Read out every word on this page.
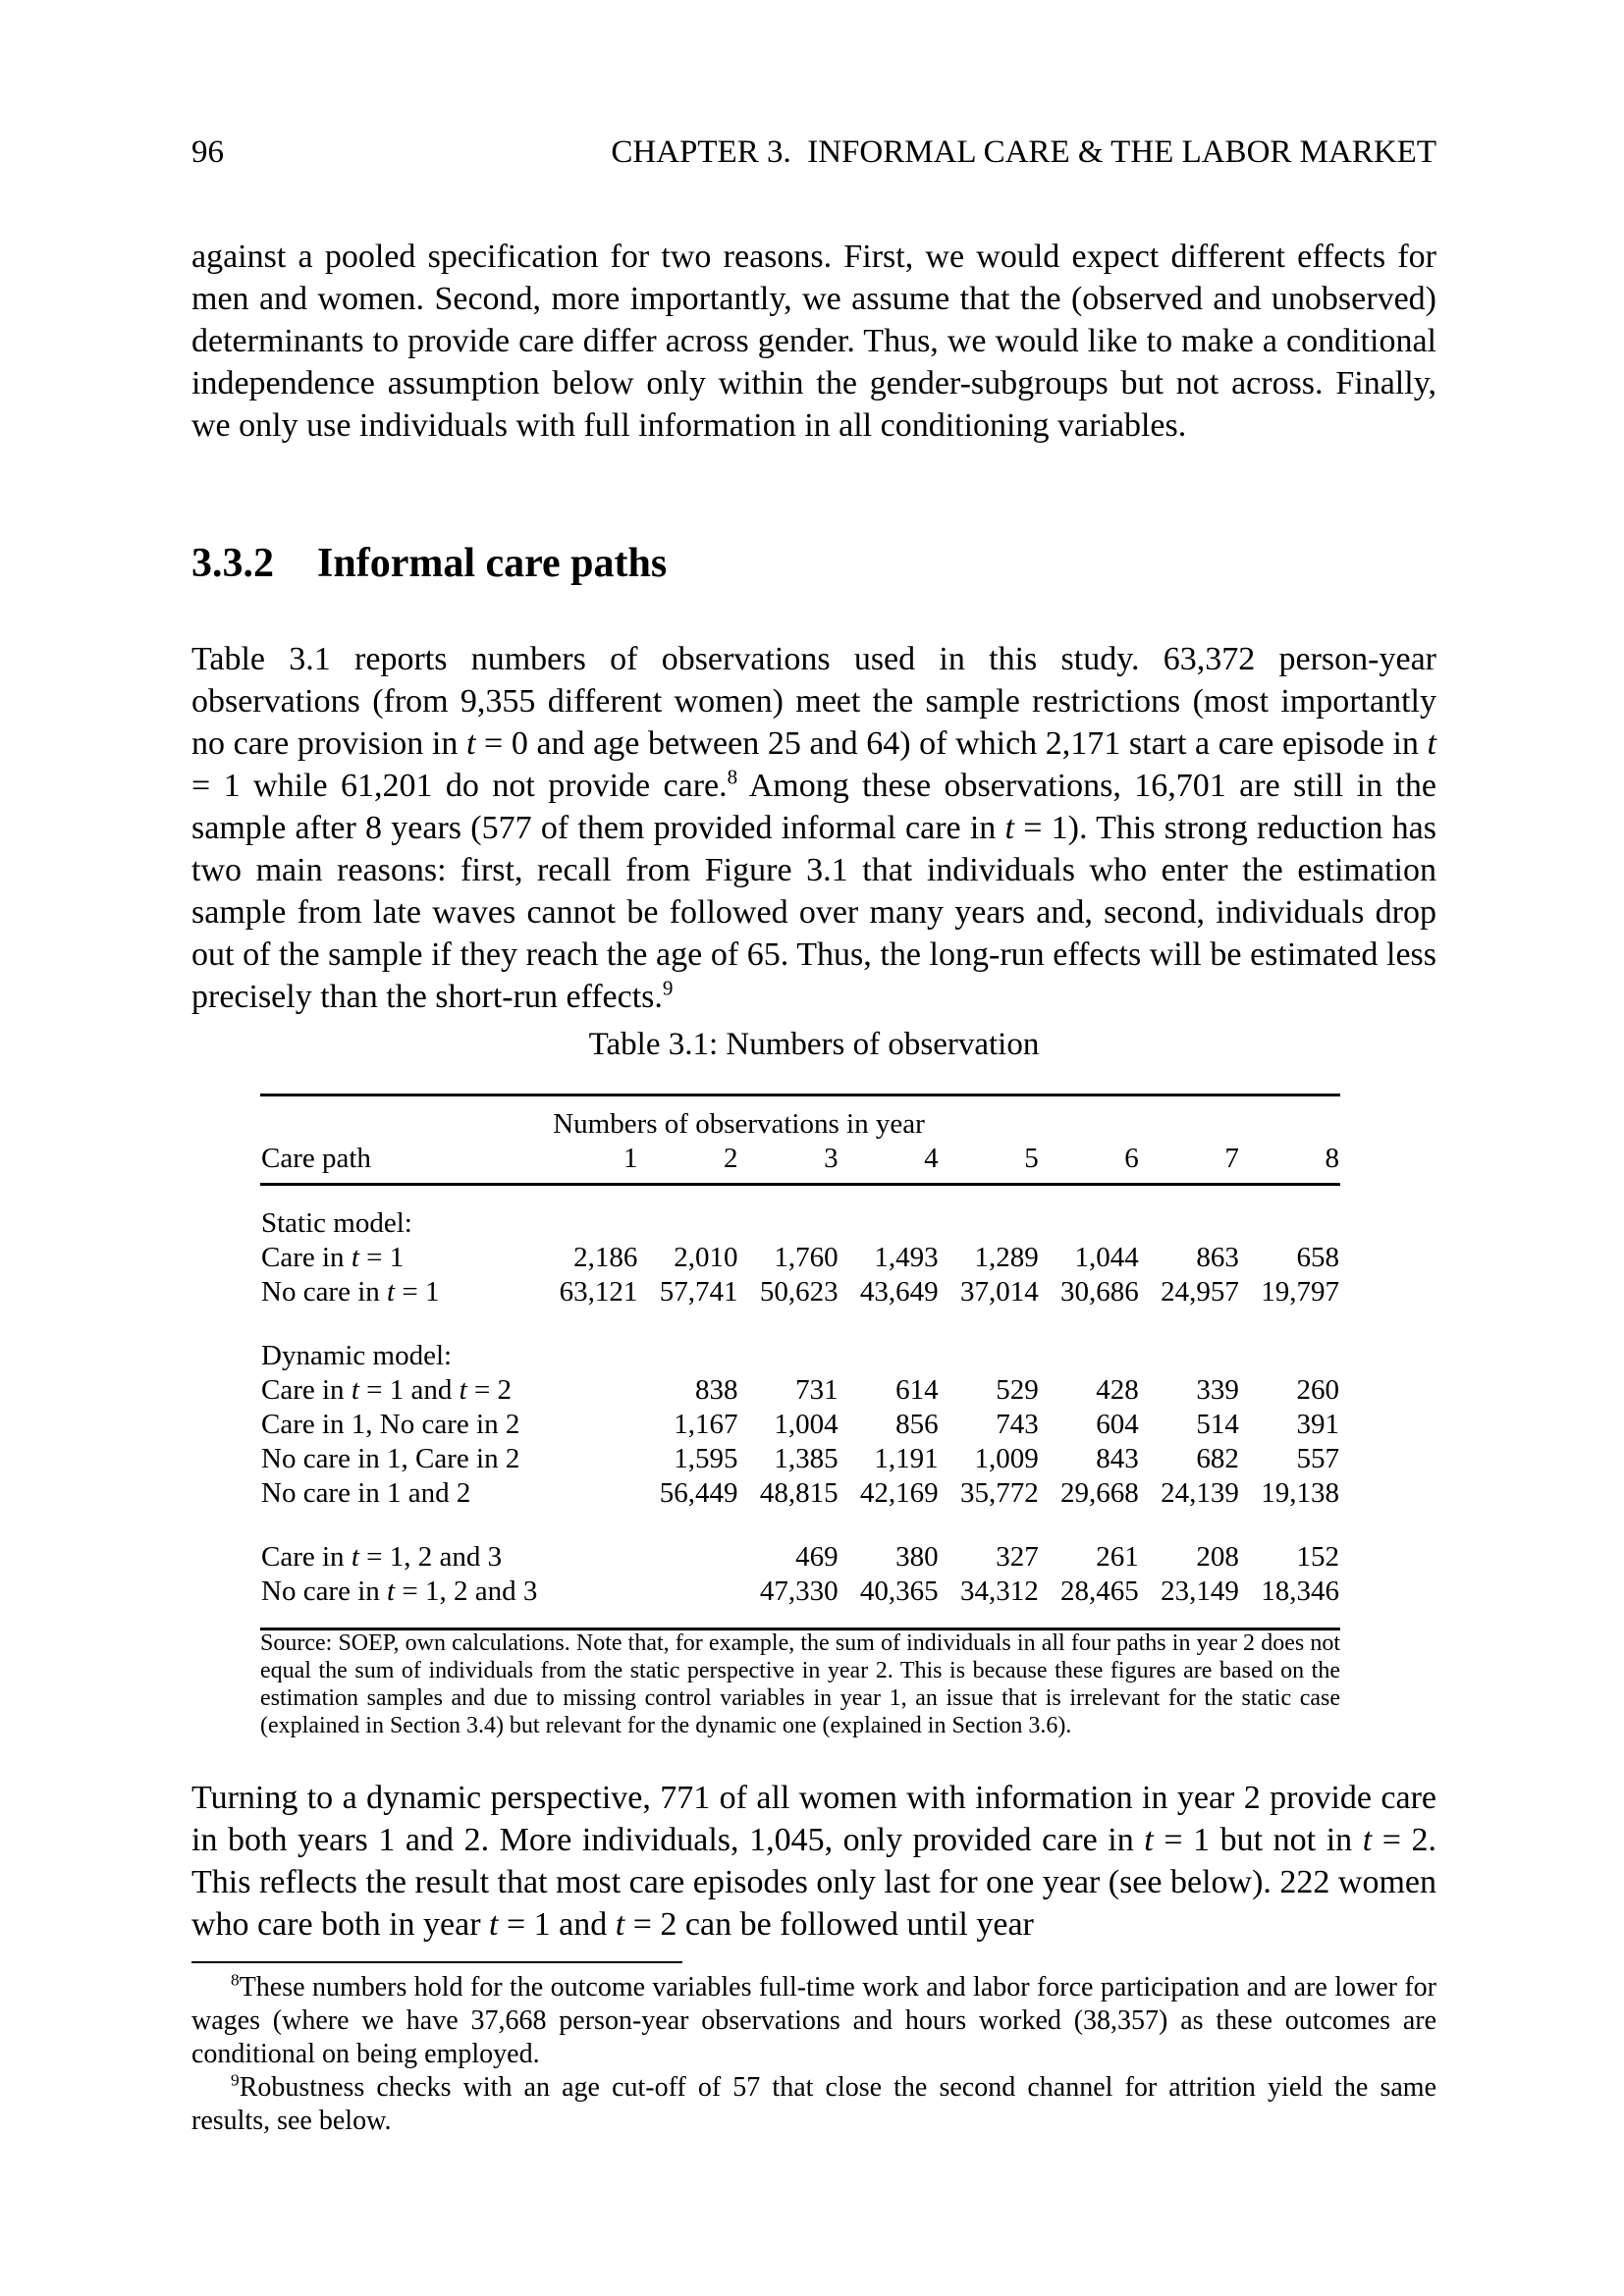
96	CHAPTER 3. INFORMAL CARE & THE LABOR MARKET

against a pooled specification for two reasons. First, we would expect different effects for men and women. Second, more importantly, we assume that the (observed and unobserved) determinants to provide care differ across gender. Thus, we would like to make a conditional independence assumption below only within the gender-subgroups but not across. Finally, we only use individuals with full information in all conditioning variables.

3.3.2 Informal care paths

Table 3.1 reports numbers of observations used in this study. 63,372 person-year observations (from 9,355 different women) meet the sample restrictions (most importantly no care provision in t = 0 and age between 25 and 64) of which 2,171 start a care episode in t = 1 while 61,201 do not provide care.$^8$ Among these observations, 16,701 are still in the sample after 8 years (577 of them provided informal care in t = 1). This strong reduction has two main reasons: first, recall from Figure 3.1 that individuals who enter the estimation sample from late waves cannot be followed over many years and, second, individuals drop out of the sample if they reach the age of 65. Thus, the long-run effects will be estimated less precisely than the short-run effects.$^9$

Table 3.1: Numbers of observation

	Numbers of observations in year							
Care path	1	2	3	4	5	6	7	8
Static model:								
Care in t = 1	2,186	2,010	1,760	1,493	1,289	1,044	863	658
No care in t = 1	63,121	57,741	50,623	43,649	37,014	30,686	24,957	19,797

Dynamic model:								
Care in t = 1 and t = 2		838	731	614	529	428	339	260
Care in 1, No care in 2		1,167	1,004	856	743	604	514	391
No care in 1, Care in 2		1,595	1,385	1,191	1,009	843	682	557
No care in 1 and 2		56,449	48,815	42,169	35,772	29,668	24,139	19,138

Care in t = 1, 2 and 3			469	380	327	261	208	152
No care in t = 1, 2 and 3			47,330	40,365	34,312	28,465	23,149	18,346

Source: SOEP, own calculations. Note that, for example, the sum of individuals in all four paths in year 2 does not equal the sum of individuals from the static perspective in year 2. This is because these figures are based on the estimation samples and due to missing control variables in year 1, an issue that is irrelevant for the static case (explained in Section 3.4) but relevant for the dynamic one (explained in Section 3.6).

Turning to a dynamic perspective, 771 of all women with information in year 2 provide care in both years 1 and 2. More individuals, 1,045, only provided care in t = 1 but not in t = 2. This reflects the result that most care episodes only last for one year (see below). 222 women who care both in year t = 1 and t = 2 can be followed until year

$^8$These numbers hold for the outcome variables full-time work and labor force participation and are lower for wages (where we have 37,668 person-year observations and hours worked (38,357) as these outcomes are conditional on being employed.

$^9$Robustness checks with an age cut-off of 57 that close the second channel for attrition yield the same results, see below.
